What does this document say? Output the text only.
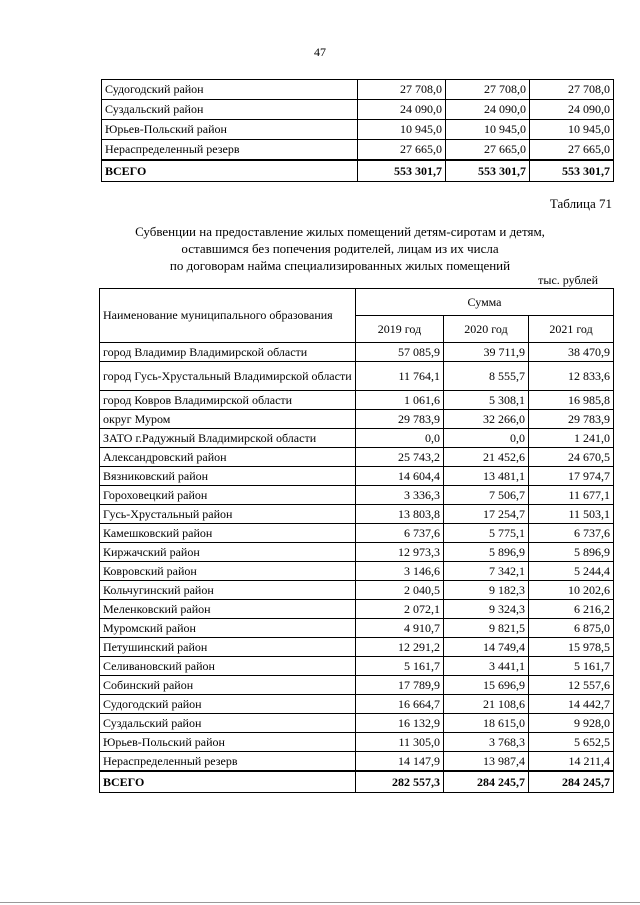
47
Судогодский район	27 708,0	27 708,0	27 708,0
Суздальский район	24 090,0	24 090,0	24 090,0
Юрьев-Польский район	10 945,0	10 945,0	10 945,0
Нераспределенный резерв	27 665,0	27 665,0	27 665,0
ВСЕГО	553 301,7	553 301,7	553 301,7
Таблица 71
Субвенции на предоставление жилых помещений детям-сиротам и детям,
оставшимся без попечения родителей, лицам из их числа
по договорам найма специализированных жилых помещений
тыс. рублей
Наименование муниципального образования	Сумма		
	2019 год	2020 год	2021 год
город Владимир Владимирской области	57 085,9	39 711,9	38 470,9
город Гусь-Хрустальный Владимирской области	11 764,1	8 555,7	12 833,6
город Ковров Владимирской области	1 061,6	5 308,1	16 985,8
округ Муром	29 783,9	32 266,0	29 783,9
ЗАТО г.Радужный Владимирской области	0,0	0,0	1 241,0
Александровский район	25 743,2	21 452,6	24 670,5
Вязниковский район	14 604,4	13 481,1	17 974,7
Гороховецкий район	3 336,3	7 506,7	11 677,1
Гусь-Хрустальный район	13 803,8	17 254,7	11 503,1
Камешковский район	6 737,6	5 775,1	6 737,6
Киржачский район	12 973,3	5 896,9	5 896,9
Ковровский район	3 146,6	7 342,1	5 244,4
Кольчугинский район	2 040,5	9 182,3	10 202,6
Меленковский район	2 072,1	9 324,3	6 216,2
Муромский район	4 910,7	9 821,5	6 875,0
Петушинский район	12 291,2	14 749,4	15 978,5
Селивановский район	5 161,7	3 441,1	5 161,7
Собинский район	17 789,9	15 696,9	12 557,6
Судогодский район	16 664,7	21 108,6	14 442,7
Суздальский район	16 132,9	18 615,0	9 928,0
Юрьев-Польский район	11 305,0	3 768,3	5 652,5
Нераспределенный резерв	14 147,9	13 987,4	14 211,4
ВСЕГО	282 557,3	284 245,7	284 245,7
